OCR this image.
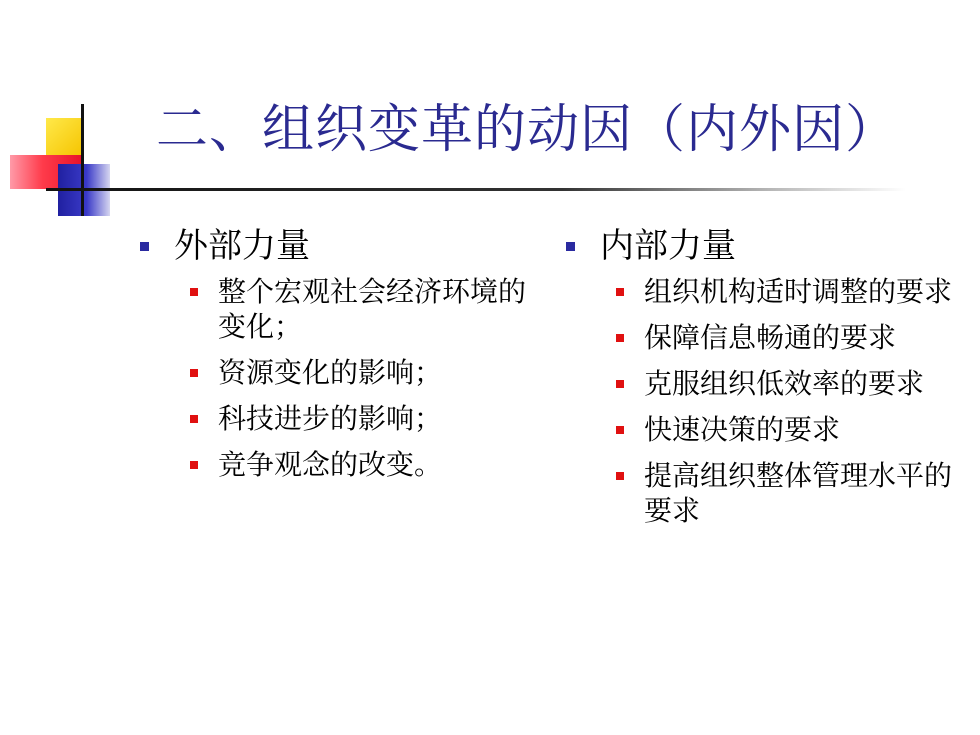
二、组织变革的动因（内外因）
外部力量
整个宏观社会经济环境的变化；
资源变化的影响；
科技进步的影响；
竞争观念的改变。
内部力量
组织机构适时调整的要求
保障信息畅通的要求
克服组织低效率的要求
快速决策的要求
提高组织整体管理水平的要求
